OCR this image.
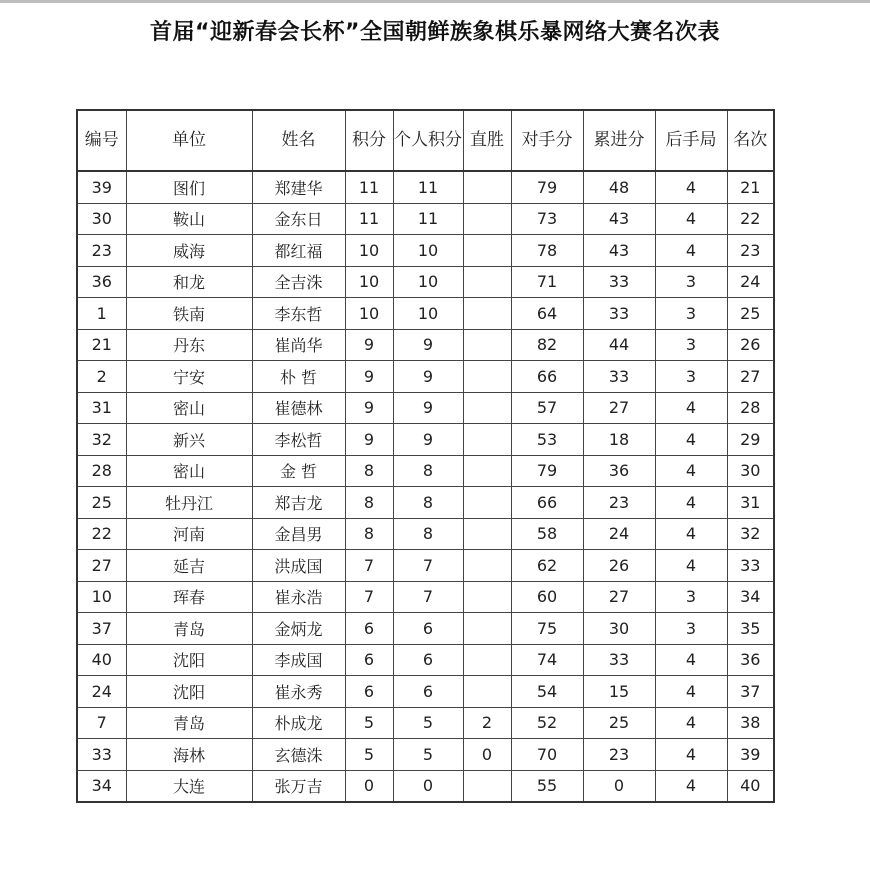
首届“迎新春会长杯”全国朝鲜族象棋乐暴网络大赛名次表
编号	单位	姓名	积分	个人积分	直胜	对手分	累进分	后手局	名次
39	图们	郑建华	11	11		79	48	4	21
30	鞍山	金东日	11	11		73	43	4	22
23	威海	都红福	10	10		78	43	4	23
36	和龙	全吉洙	10	10		71	33	3	24
1	铁南	李东哲	10	10		64	33	3	25
21	丹东	崔尚华	9	9		82	44	3	26
2	宁安	朴 哲	9	9		66	33	3	27
31	密山	崔德林	9	9		57	27	4	28
32	新兴	李松哲	9	9		53	18	4	29
28	密山	金 哲	8	8		79	36	4	30
25	牡丹江	郑吉龙	8	8		66	23	4	31
22	河南	金昌男	8	8		58	24	4	32
27	延吉	洪成国	7	7		62	26	4	33
10	珲春	崔永浩	7	7		60	27	3	34
37	青岛	金炳龙	6	6		75	30	3	35
40	沈阳	李成国	6	6		74	33	4	36
24	沈阳	崔永秀	6	6		54	15	4	37
7	青岛	朴成龙	5	5	2	52	25	4	38
33	海林	玄德洙	5	5	0	70	23	4	39
34	大连	张万吉	0	0		55	0	4	40
